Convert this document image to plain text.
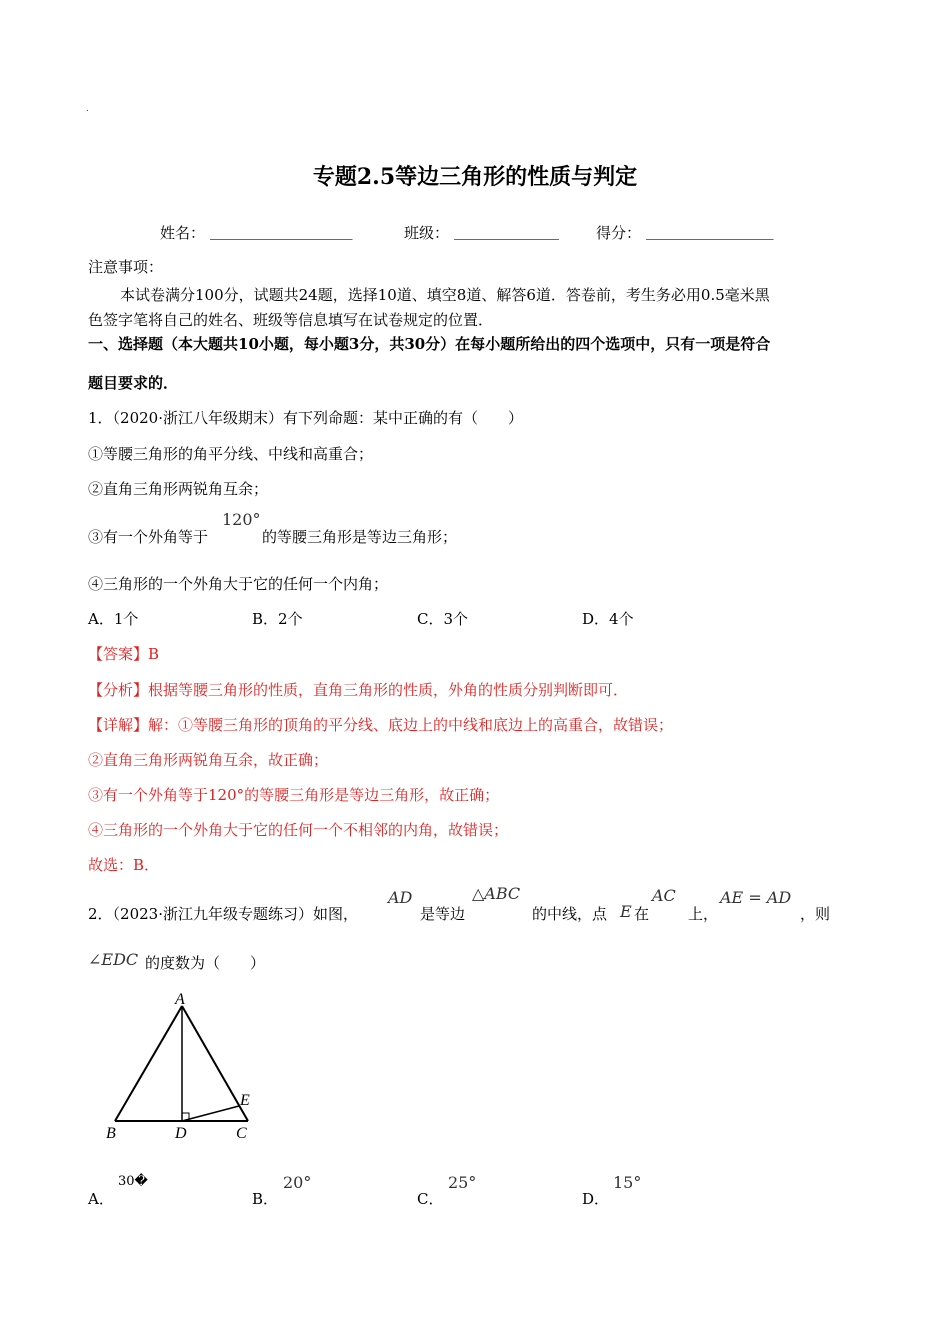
.
专题2.5等边三角形的性质与判定
姓名： ___________________	班级： ______________ 得分： _________________
注意事项：
本试卷满分100分，试题共24题，选择10道、填空8道、解答6道．答卷前，考生务必用0.5毫米黑
色签字笔将自己的姓名、班级等信息填写在试卷规定的位置．
一、选择题（本大题共10小题，每小题3分，共30分）在每小题所给出的四个选项中，只有一项是符合
题目要求的．
1．（2020·浙江八年级期末）有下列命题：某中正确的有（　　）
①等腰三角形的角平分线、中线和高重合；
②直角三角形两锐角互余；
③有一个外角等于
120°
的等腰三角形是等边三角形；
④三角形的一个外角大于它的任何一个内角；
A．1个	B．2个	C．3个	D．4个
【答案】B
【分析】根据等腰三角形的性质，直角三角形的性质，外角的性质分别判断即可．
【详解】解：①等腰三角形的顶角的平分线、底边上的中线和底边上的高重合，故错误；
②直角三角形两锐角互余，故正确；
③有一个外角等于120°的等腰三角形是等边三角形，故正确；
④三角形的一个外角大于它的任何一个不相邻的内角，故错误；
故选：B．
2．（2023·浙江九年级专题练习）如图，
AD
是等边
△ABC
的中线，点 E 在
AC
上，
AE = AD
，则
∠EDC 的度数为（　　）
A
B	D	C
E
A．
30�
B．
20°
C．
25°
D．
15°
